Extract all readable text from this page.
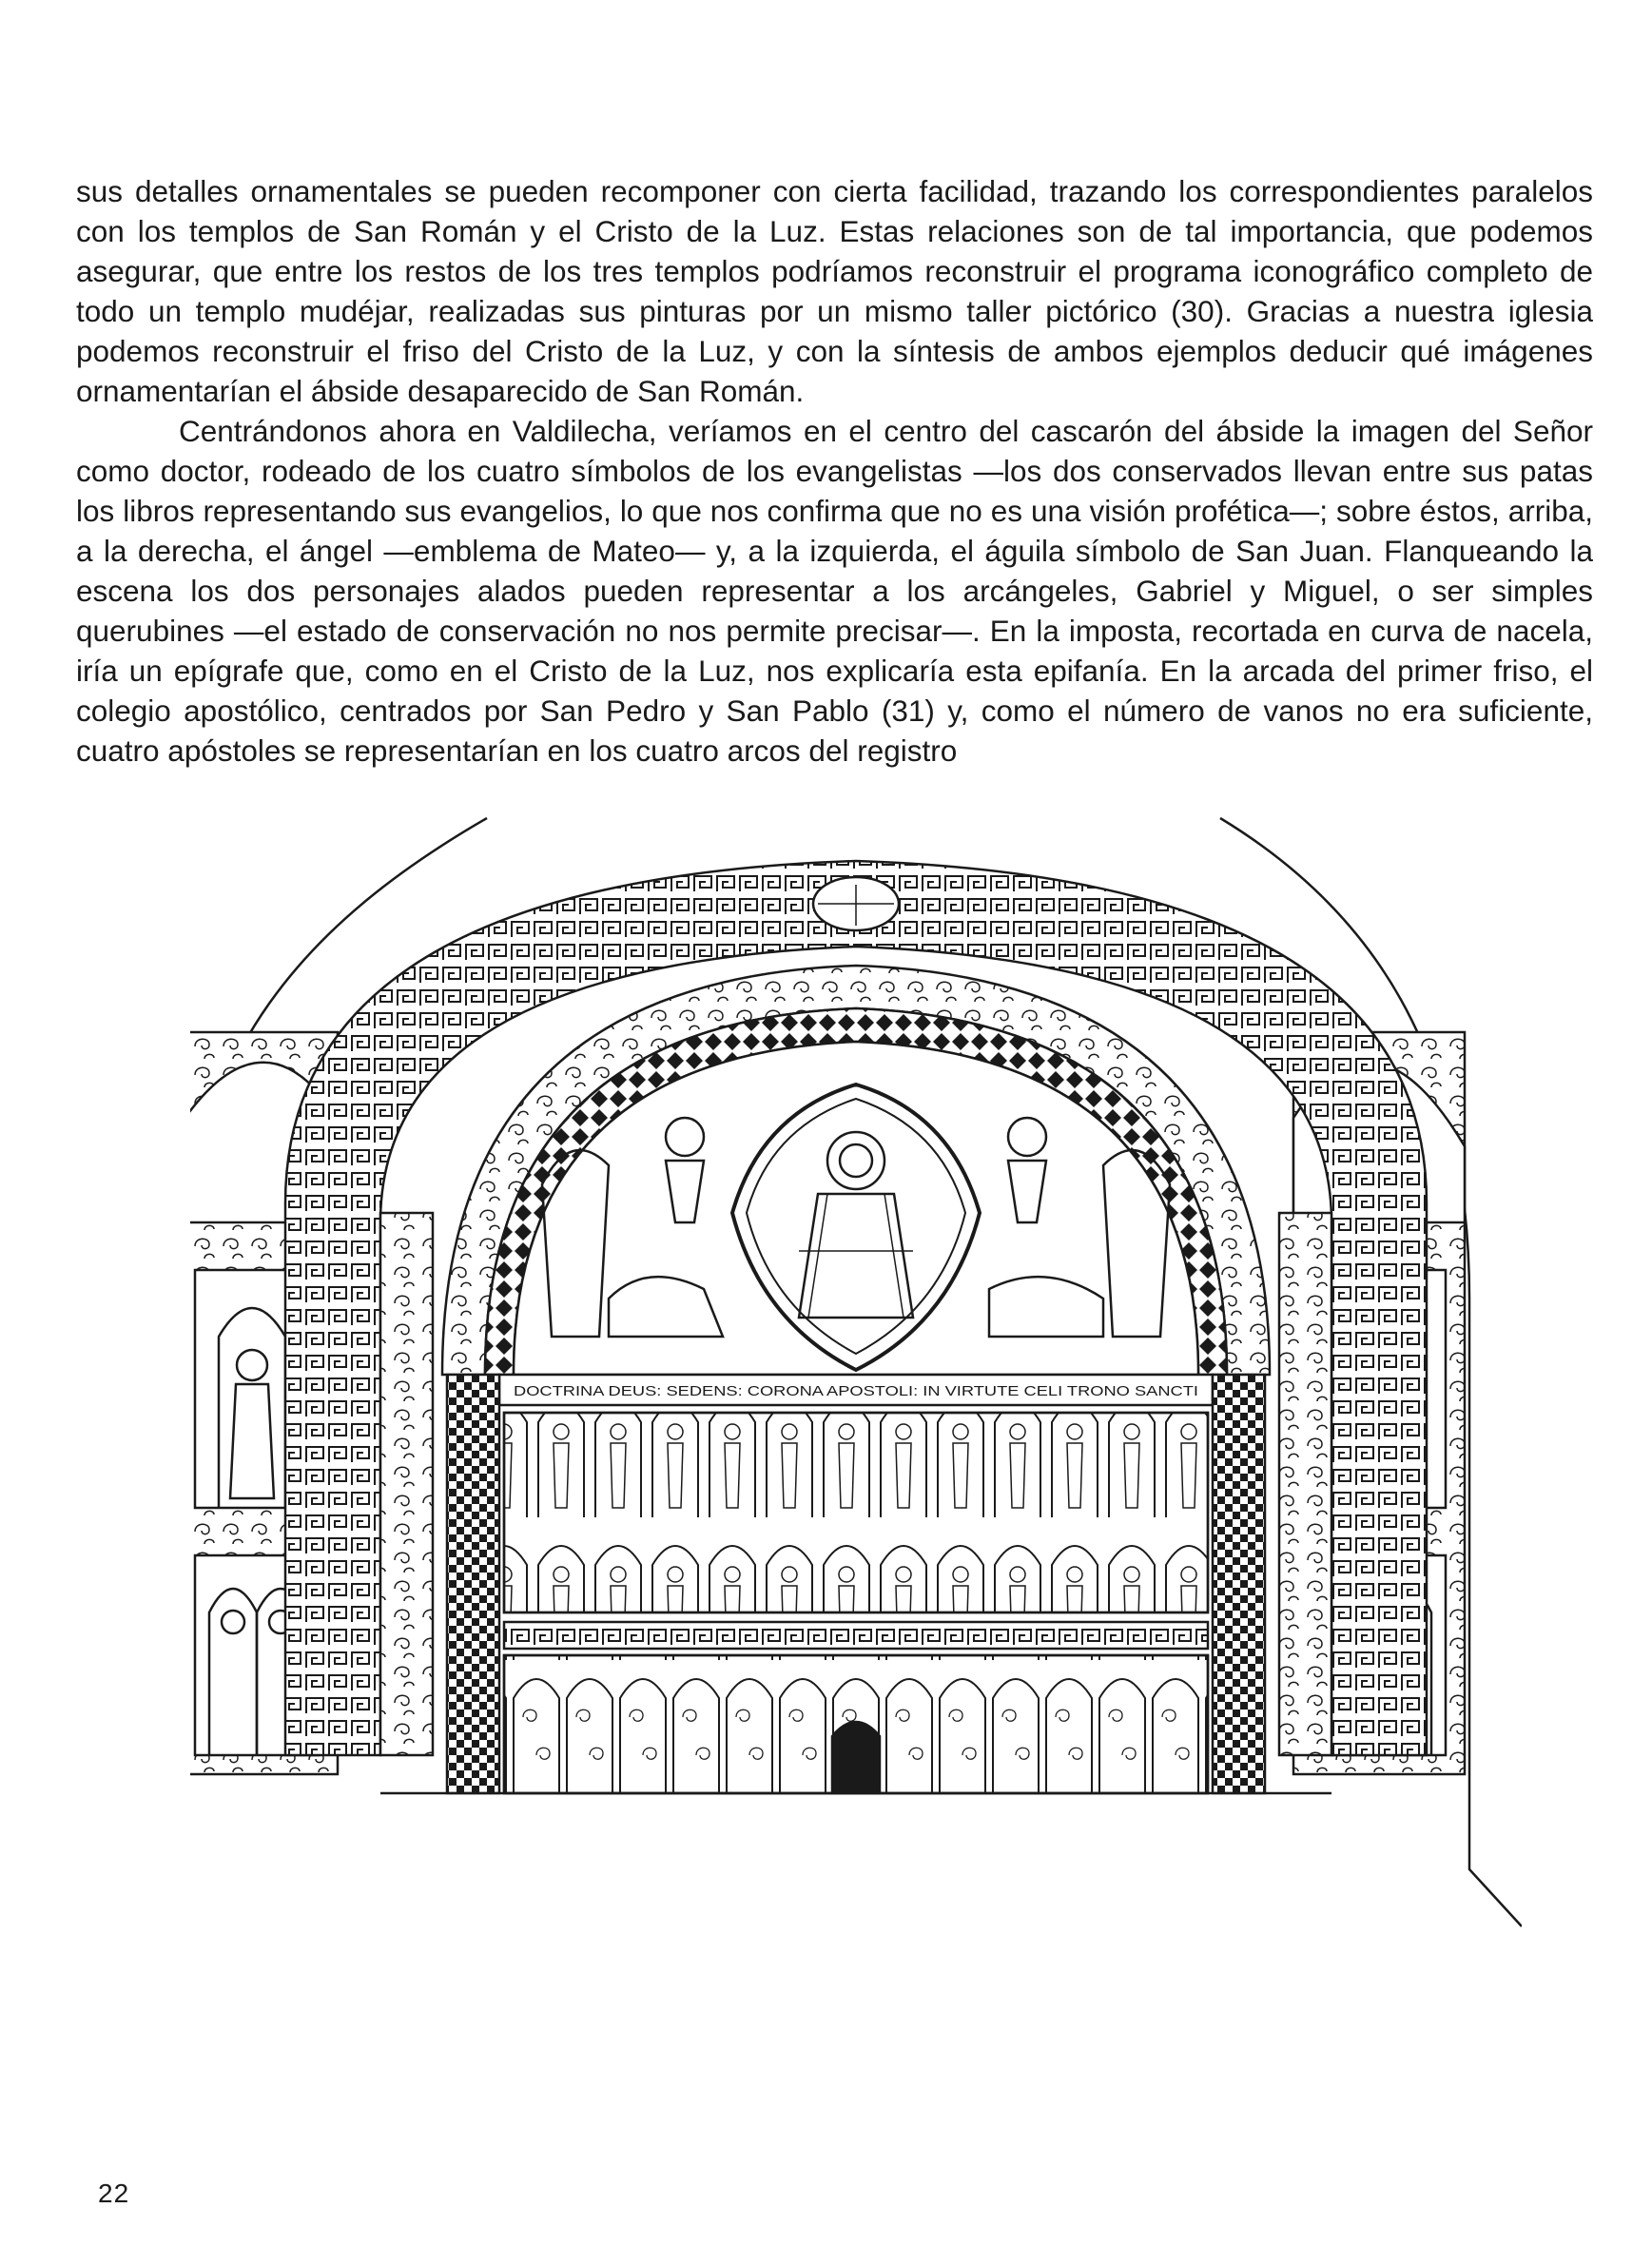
sus detalles ornamentales se pueden recomponer con cierta facilidad, trazando los correspondientes paralelos con los templos de San Román y el Cristo de la Luz. Estas relaciones son de tal importancia, que podemos asegurar, que entre los restos de los tres templos podríamos reconstruir el programa iconográfico completo de todo un templo mudéjar, realizadas sus pinturas por un mismo taller pictórico (30). Gracias a nuestra iglesia podemos reconstruir el friso del Cristo de la Luz, y con la síntesis de ambos ejemplos deducir qué imágenes ornamentarían el ábside desaparecido de San Román.

Centrándonos ahora en Valdilecha, veríamos en el centro del cascarón del ábside la imagen del Señor como doctor, rodeado de los cuatro símbolos de los evangelistas —los dos conservados llevan entre sus patas los libros representando sus evangelios, lo que nos confirma que no es una visión profética—; sobre éstos, arriba, a la derecha, el ángel —emblema de Mateo— y, a la izquierda, el águila símbolo de San Juan. Flanqueando la escena los dos personajes alados pueden representar a los arcángeles, Gabriel y Miguel, o ser simples querubines —el estado de conservación no nos permite precisar—. En la imposta, recortada en curva de nacela, iría un epígrafe que, como en el Cristo de la Luz, nos explicaría esta epifanía. En la arcada del primer friso, el colegio apostólico, centrados por San Pedro y San Pablo (31) y, como el número de vanos no era suficiente, cuatro apóstoles se representarían en los cuatro arcos del registro

DOCTRINA DEUS: SEDENS: CORONA APOSTOLI: IN VIRTUTE CELI TRONO SANCTI
22
